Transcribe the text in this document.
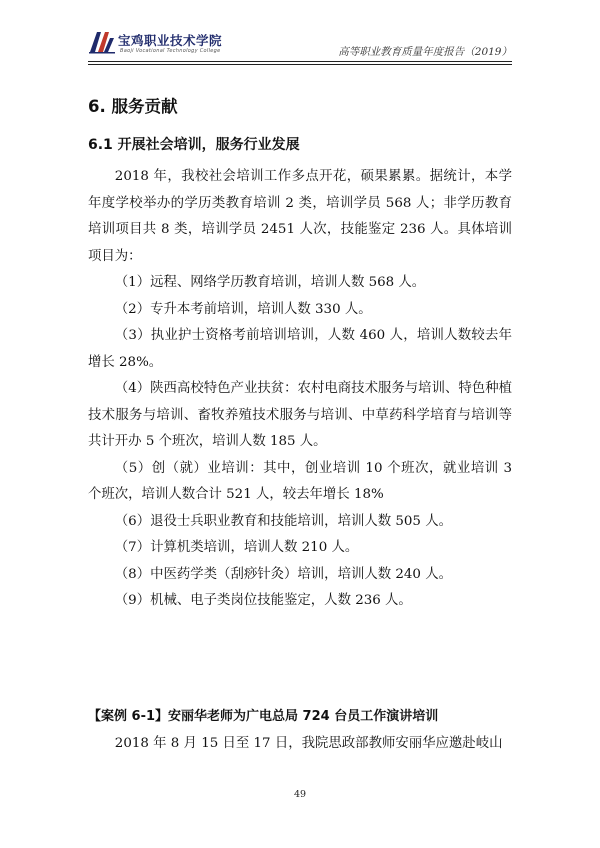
宝鸡职业技术学院
Baoji Vocational Technology College	高等职业教育质量年度报告（2019）
6. 服务贡献
6.1 开展社会培训，服务行业发展

2018 年，我校社会培训工作多点开花，硕果累累。据统计，本学年度学校举办的学历类教育培训 2 类，培训学员 568 人；非学历教育培训项目共 8 类，培训学员 2451 人次，技能鉴定 236 人。具体培训项目为：

（1）远程、网络学历教育培训，培训人数 568 人。

（2）专升本考前培训，培训人数 330 人。

（3）执业护士资格考前培训培训，人数 460 人，培训人数较去年增长 28%。

（4）陕西高校特色产业扶贫：农村电商技术服务与培训、特色种植技术服务与培训、畜牧养殖技术服务与培训、中草药科学培育与培训等共计开办 5 个班次，培训人数 185 人。

（5）创（就）业培训：其中，创业培训 10 个班次，就业培训 3 个班次，培训人数合计 521 人，较去年增长 18%

（6）退役士兵职业教育和技能培训，培训人数 505 人。

（7）计算机类培训，培训人数 210 人。

（8）中医药学类（刮痧针灸）培训，培训人数 240 人。

（9）机械、电子类岗位技能鉴定，人数 236 人。

【案例 6-1】安丽华老师为广电总局 724 台员工作演讲培训
2018 年 8 月 15 日至 17 日，我院思政部教师安丽华应邀赴岐山
49
